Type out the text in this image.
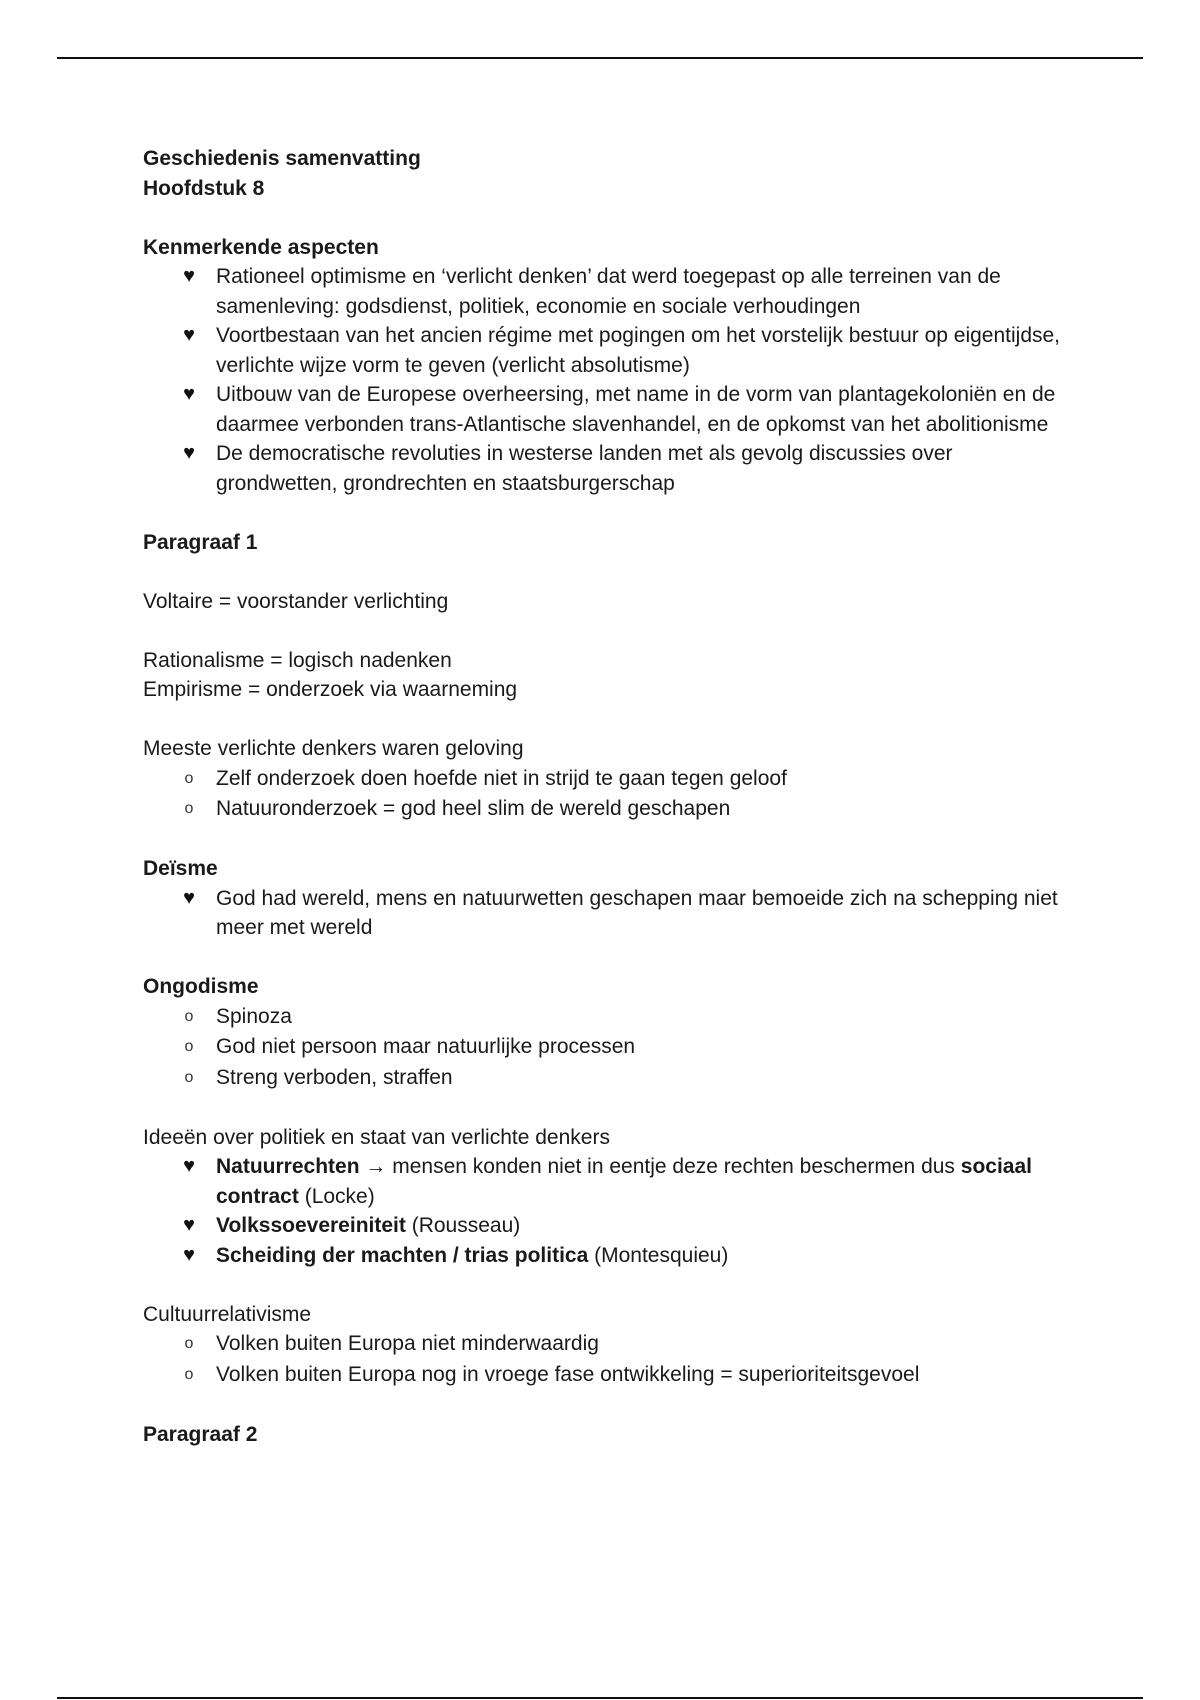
Geschiedenis samenvatting

Hoofdstuk 8

Kenmerkende aspecten

♥ Rationeel optimisme en ‘verlicht denken’ dat werd toegepast op alle terreinen van de samenleving: godsdienst, politiek, economie en sociale verhoudingen
♥ Voortbestaan van het ancien régime met pogingen om het vorstelijk bestuur op eigentijdse, verlichte wijze vorm te geven (verlicht absolutisme)
♥ Uitbouw van de Europese overheersing, met name in de vorm van plantagekoloniën en de daarmee verbonden trans-Atlantische slavenhandel, en de opkomst van het abolitionisme
♥ De democratische revoluties in westerse landen met als gevolg discussies over grondwetten, grondrechten en staatsburgerschap

Paragraaf 1

Voltaire = voorstander verlichting

Rationalisme = logisch nadenken

Empirisme = onderzoek via waarneming

Meeste verlichte denkers waren geloving

o Zelf onderzoek doen hoefde niet in strijd te gaan tegen geloof
o Natuuronderzoek = god heel slim de wereld geschapen

Deïsme

♥ God had wereld, mens en natuurwetten geschapen maar bemoeide zich na schepping niet meer met wereld

Ongodisme

o Spinoza
o God niet persoon maar natuurlijke processen
o Streng verboden, straffen

Ideeën over politiek en staat van verlichte denkers

♥ Natuurrechten → mensen konden niet in eentje deze rechten beschermen dus sociaal contract (Locke)
♥ Volkssoevereiniteit (Rousseau)
♥ Scheiding der machten / trias politica (Montesquieu)

Cultuurrelativisme

o Volken buiten Europa niet minderwaardig
o Volken buiten Europa nog in vroege fase ontwikkeling = superioriteitsgevoel

Paragraaf 2
